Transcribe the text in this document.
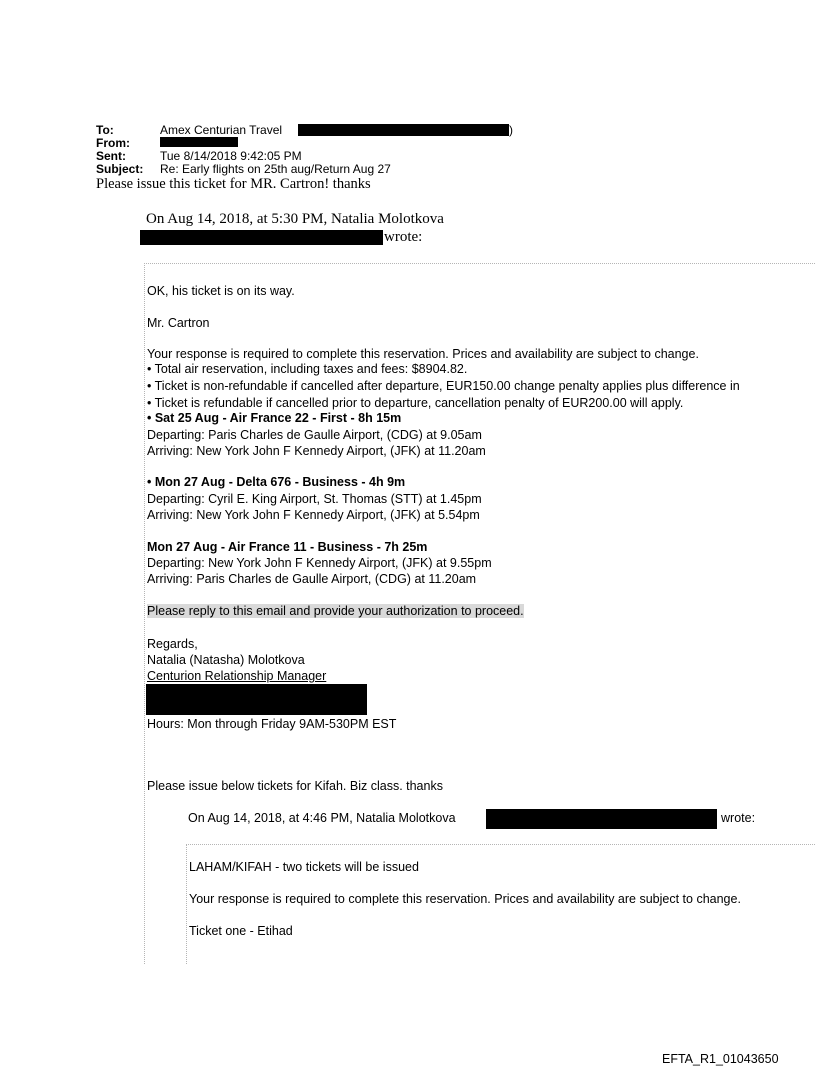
To:	Amex Centurian Travel	)
From:
Sent:	Tue 8/14/2018 9:42:05 PM
Subject: Re: Early flights on 25th aug/Return Aug 27
Please issue this ticket for MR. Cartron! thanks
On Aug 14, 2018, at 5:30 PM, Natalia Molotkova
wrote:
OK, his ticket is on its way.
Mr. Cartron
Your response is required to complete this reservation. Prices and availability are subject to change.
• Total air reservation, including taxes and fees: $8904.82.
• Ticket is non-refundable if cancelled after departure, EUR150.00 change penalty applies plus difference in
• Ticket is refundable if cancelled prior to departure, cancellation penalty of EUR200.00 will apply.
• Sat 25 Aug - Air France 22 - First - 8h 15m
Departing: Paris Charles de Gaulle Airport, (CDG) at 9.05am
Arriving: New York John F Kennedy Airport, (JFK) at 11.20am
• Mon 27 Aug - Delta 676 - Business - 4h 9m
Departing: Cyril E. King Airport, St. Thomas (STT) at 1.45pm
Arriving: New York John F Kennedy Airport, (JFK) at 5.54pm
Mon 27 Aug - Air France 11 - Business - 7h 25m
Departing: New York John F Kennedy Airport, (JFK) at 9.55pm
Arriving: Paris Charles de Gaulle Airport, (CDG) at 11.20am
Please reply to this email and provide your authorization to proceed.
Regards,
Natalia (Natasha) Molotkova
Centurion Relationship Manager
Hours: Mon through Friday 9AM-530PM EST
Please issue below tickets for Kifah. Biz class. thanks
On Aug 14, 2018, at 4:46 PM, Natalia Molotkova	wrote:
LAHAM/KIFAH - two tickets will be issued
Your response is required to complete this reservation. Prices and availability are subject to change.
Ticket one - Etihad
EFTA_R1_01043650
